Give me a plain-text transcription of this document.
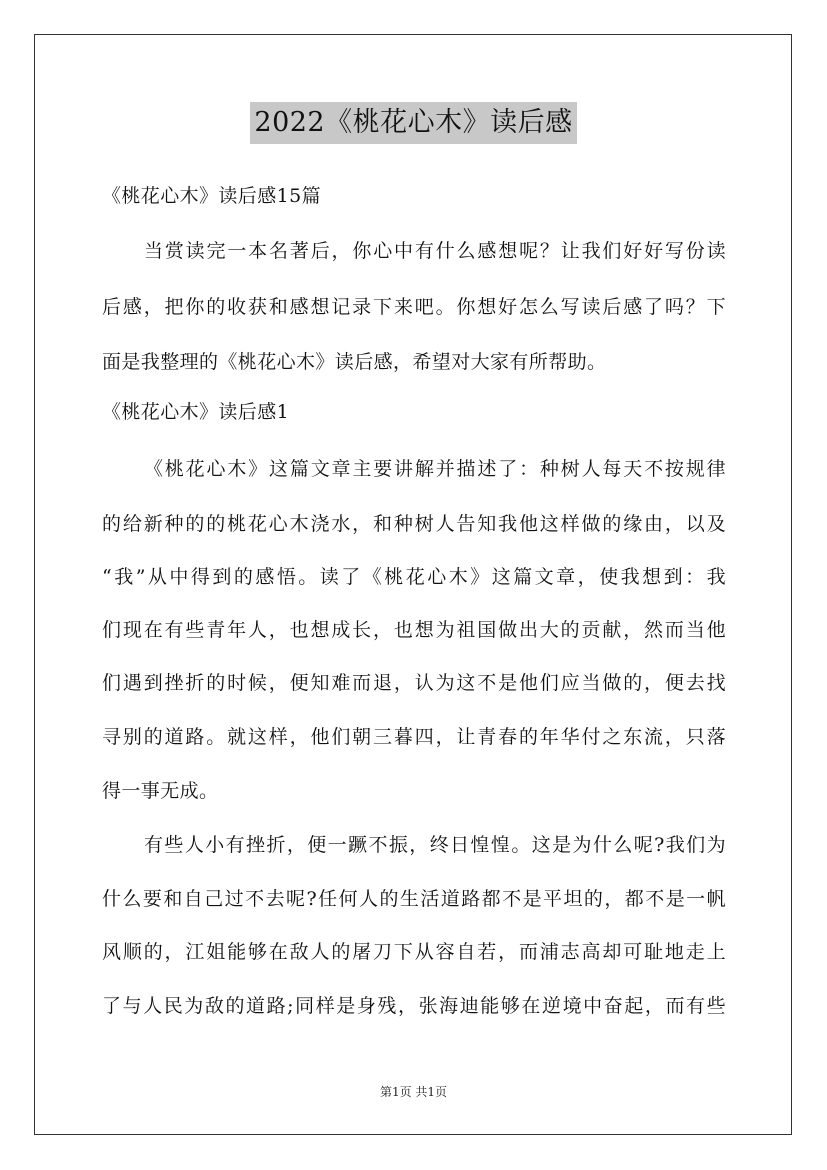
2022《桃花心木》读后感

《桃花心木》读后感15篇

当赏读完一本名著后，你心中有什么感想呢？让我们好好写份读

后感，把你的收获和感想记录下来吧。你想好怎么写读后感了吗？下

面是我整理的《桃花心木》读后感，希望对大家有所帮助。

《桃花心木》读后感1

《桃花心木》这篇文章主要讲解并描述了：种树人每天不按规律

的给新种的的桃花心木浇水，和种树人告知我他这样做的缘由，以及

“我”从中得到的感悟。读了《桃花心木》这篇文章，使我想到：我

们现在有些青年人，也想成长，也想为祖国做出大的贡献，然而当他

们遇到挫折的时候，便知难而退，认为这不是他们应当做的，便去找

寻别的道路。就这样，他们朝三暮四，让青春的年华付之东流，只落

得一事无成。

有些人小有挫折，便一蹶不振，终日惶惶。这是为什么呢?我们为

什么要和自己过不去呢?任何人的生活道路都不是平坦的，都不是一帆

风顺的，江姐能够在敌人的屠刀下从容自若，而浦志高却可耻地走上

了与人民为敌的道路;同样是身残，张海迪能够在逆境中奋起，而有些

第1页 共1页
